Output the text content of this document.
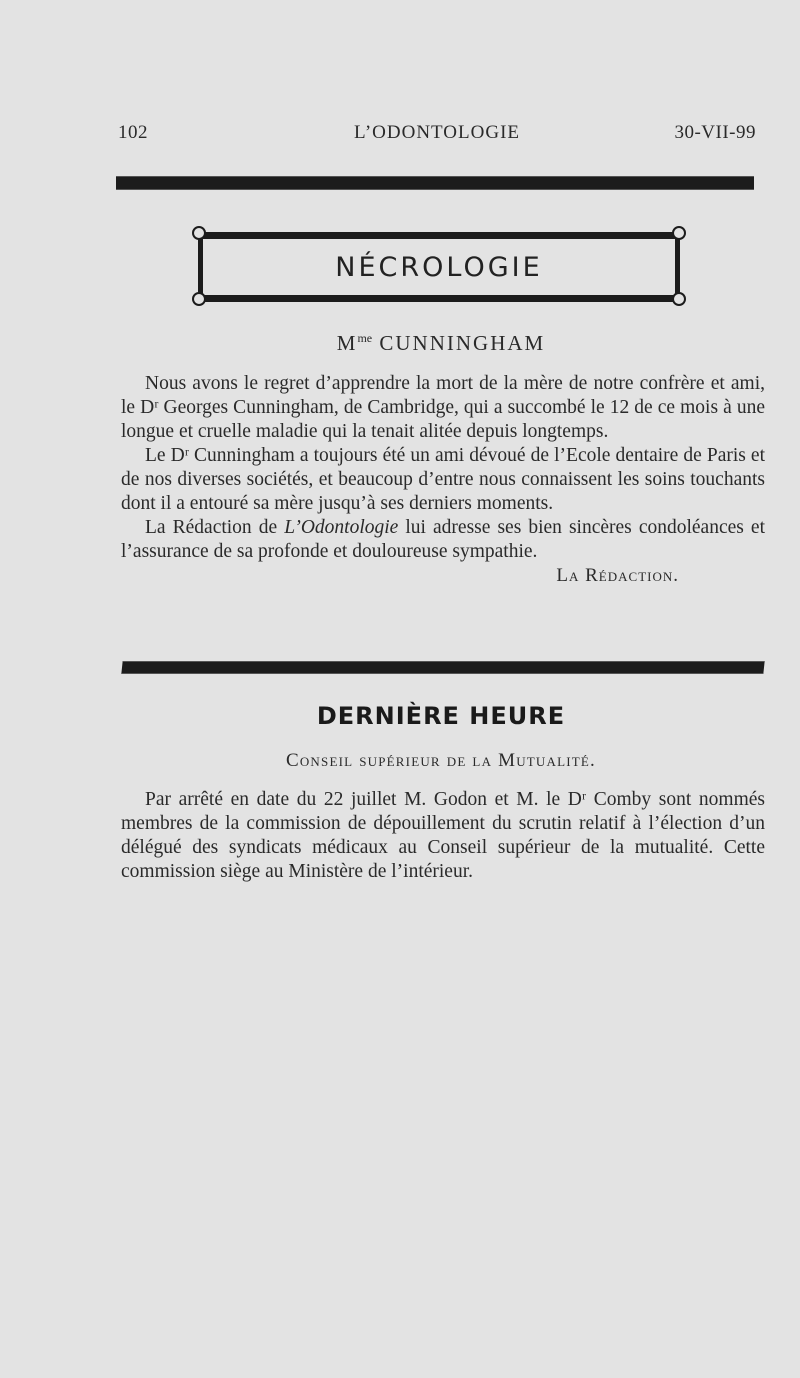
102	L’ODONTOLOGIE	30-VII-99
NÉCROLOGIE
$M^{me}$ CUNNINGHAM

Nous avons le regret d’apprendre la mort de la mère de notre confrère et ami, le Dʳ Georges Cunningham, de Cambridge, qui a succombé le 12 de ce mois à une longue et cruelle maladie qui la tenait alitée depuis longtemps.

Le Dʳ Cunningham a toujours été un ami dévoué de l’Ecole dentaire de Paris et de nos diverses sociétés, et beaucoup d’entre nous connaissent les soins touchants dont il a entouré sa mère jusqu’à ses derniers moments.

La Rédaction de L’Odontologie lui adresse ses bien sincères condoléances et l’assurance de sa profonde et douloureuse sympathie.

La Rédaction.

DERNIÈRE HEURE
Conseil supérieur de la Mutualité.

Par arrêté en date du 22 juillet M. Godon et M. le Dʳ Comby sont nommés membres de la commission de dépouillement du scrutin relatif à l’élection d’un délégué des syndicats médicaux au Conseil supérieur de la mutualité. Cette commission siège au Ministère de l’intérieur.
